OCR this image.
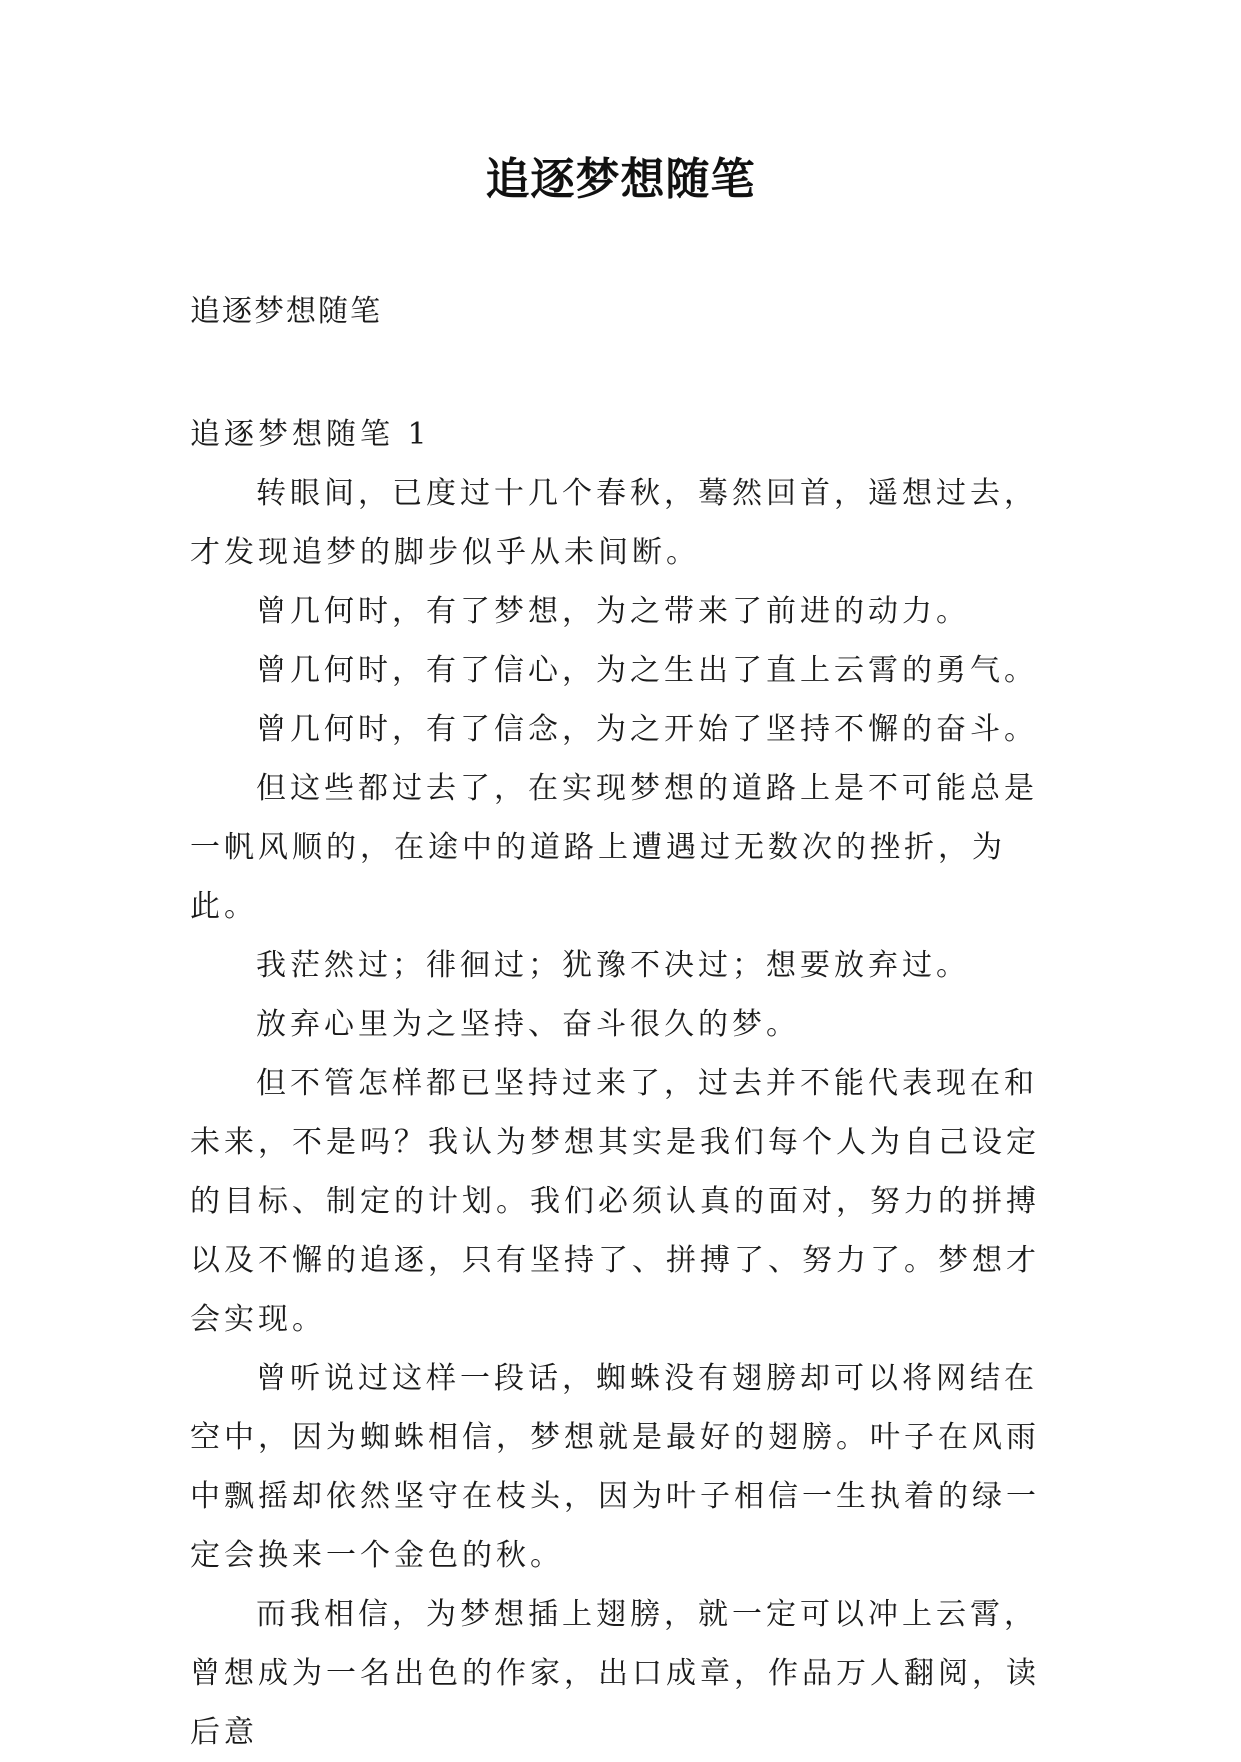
追逐梦想随笔
追逐梦想随笔

追逐梦想随笔 1

转眼间，已度过十几个春秋，蓦然回首，遥想过去，才发现追梦的脚步似乎从未间断。

曾几何时，有了梦想，为之带来了前进的动力。

曾几何时，有了信心，为之生出了直上云霄的勇气。

曾几何时，有了信念，为之开始了坚持不懈的奋斗。

但这些都过去了，在实现梦想的道路上是不可能总是一帆风顺的，在途中的道路上遭遇过无数次的挫折，为此。

我茫然过；徘徊过；犹豫不决过；想要放弃过。

放弃心里为之坚持、奋斗很久的梦。

但不管怎样都已坚持过来了，过去并不能代表现在和未来，不是吗？我认为梦想其实是我们每个人为自己设定的目标、制定的计划。我们必须认真的面对，努力的拼搏以及不懈的追逐，只有坚持了、拼搏了、努力了。梦想才会实现。

曾听说过这样一段话，蜘蛛没有翅膀却可以将网结在空中，因为蜘蛛相信，梦想就是最好的翅膀。叶子在风雨中飘摇却依然坚守在枝头，因为叶子相信一生执着的绿一定会换来一个金色的秋。

而我相信，为梦想插上翅膀，就一定可以冲上云霄，曾想成为一名出色的作家，出口成章，作品万人翻阅，读后意
